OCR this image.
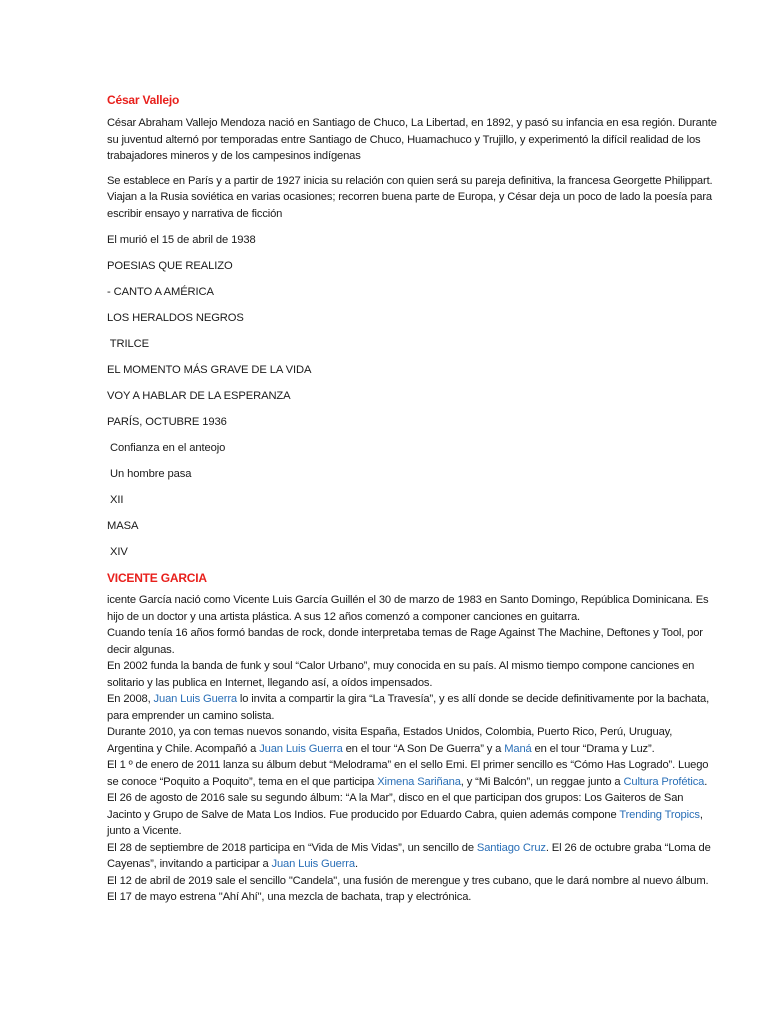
César Vallejo

César Abraham Vallejo Mendoza nació en Santiago de Chuco, La Libertad, en 1892, y pasó su infancia en esa región. Durante su juventud alternó por temporadas entre Santiago de Chuco, Huamachuco y Trujillo, y experimentó la difícil realidad de los trabajadores mineros y de los campesinos indígenas

Se establece en París y a partir de 1927 inicia su relación con quien será su pareja definitiva, la francesa Georgette Philippart. Viajan a la Rusia soviética en varias ocasiones; recorren buena parte de Europa, y César deja un poco de lado la poesía para escribir ensayo y narrativa de ficción

El murió el 15 de abril de 1938

POESIAS QUE REALIZO

- CANTO A AMÉRICA

LOS HERALDOS NEGROS

TRILCE

EL MOMENTO MÁS GRAVE DE LA VIDA

VOY A HABLAR DE LA ESPERANZA

PARÍS, OCTUBRE 1936

Confianza en el anteojo

Un hombre pasa

XII

MASA

XIV

VICENTE GARCIA

icente García nació como Vicente Luis García Guillén el 30 de marzo de 1983 en Santo Domingo, República Dominicana. Es hijo de un doctor y una artista plástica. A sus 12 años comenzó a componer canciones en guitarra.

Cuando tenía 16 años formó bandas de rock, donde interpretaba temas de Rage Against The Machine, Deftones y Tool, por decir algunas.

En 2002 funda la banda de funk y soul “Calor Urbano”, muy conocida en su país. Al mismo tiempo compone canciones en solitario y las publica en Internet, llegando así, a oídos impensados.

En 2008, Juan Luis Guerra lo invita a compartir la gira “La Travesía”, y es allí donde se decide definitivamente por la bachata, para emprender un camino solista.

Durante 2010, ya con temas nuevos sonando, visita España, Estados Unidos, Colombia, Puerto Rico, Perú, Uruguay, Argentina y Chile. Acompañó a Juan Luis Guerra en el tour “A Son De Guerra” y a Maná en el tour “Drama y Luz”.

El 1 º de enero de 2011 lanza su álbum debut “Melodrama” en el sello Emi. El primer sencillo es “Cómo Has Logrado”. Luego se conoce “Poquito a Poquito”, tema en el que participa Ximena Sariñana, y “Mi Balcón”, un reggae junto a Cultura Profética.

El 26 de agosto de 2016 sale su segundo álbum: “A la Mar”, disco en el que participan dos grupos: Los Gaiteros de San Jacinto y Grupo de Salve de Mata Los Indios. Fue producido por Eduardo Cabra, quien además compone Trending Tropics, junto a Vicente.

El 28 de septiembre de 2018 participa en “Vida de Mis Vidas”, un sencillo de Santiago Cruz. El 26 de octubre graba “Loma de Cayenas”, invitando a participar a Juan Luis Guerra.

El 12 de abril de 2019 sale el sencillo "Candela", una fusión de merengue y tres cubano, que le dará nombre al nuevo álbum.

El 17 de mayo estrena "Ahí Ahí", una mezcla de bachata, trap y electrónica.
